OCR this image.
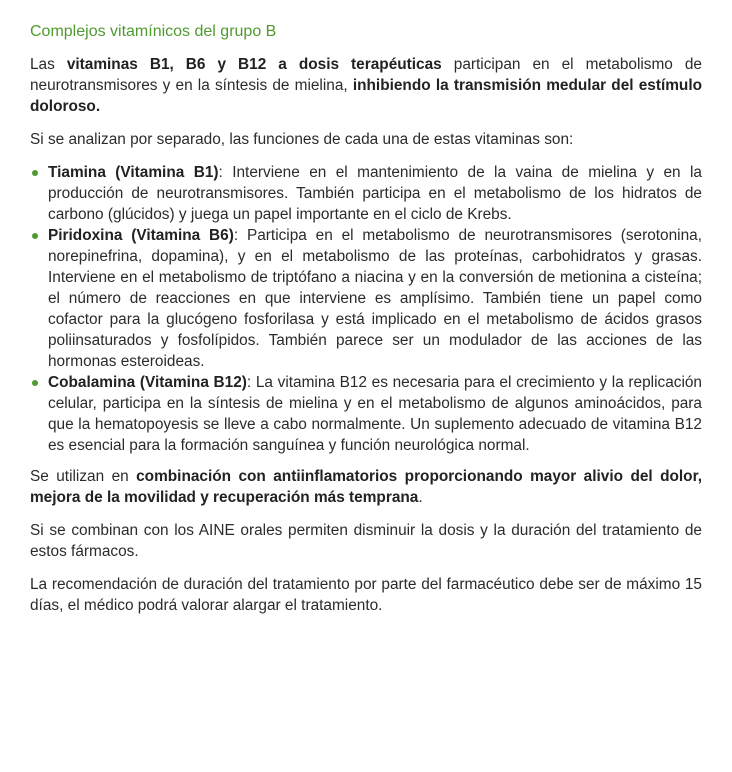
Complejos vitamínicos del grupo B

Las vitaminas B1, B6 y B12 a dosis terapéuticas participan en el metabolismo de neurotransmisores y en la síntesis de mielina, inhibiendo la transmisión medular del estímulo doloroso.

Si se analizan por separado, las funciones de cada una de estas vitaminas son:

Tiamina (Vitamina B1): Interviene en el mantenimiento de la vaina de mielina y en la producción de neurotransmisores. También participa en el metabolismo de los hidratos de carbono (glúcidos) y juega un papel importante en el ciclo de Krebs.
Piridoxina (Vitamina B6): Participa en el metabolismo de neurotransmisores (serotonina, norepinefrina, dopamina), y en el metabolismo de las proteínas, carbohidratos y grasas. Interviene en el metabolismo de triptófano a niacina y en la conversión de metionina a cisteína; el número de reacciones en que interviene es amplísimo. También tiene un papel como cofactor para la glucógeno fosforilasa y está implicado en el metabolismo de ácidos grasos poliinsaturados y fosfolípidos. También parece ser un modulador de las acciones de las hormonas esteroideas.
Cobalamina (Vitamina B12): La vitamina B12 es necesaria para el crecimiento y la replicación celular, participa en la síntesis de mielina y en el metabolismo de algunos aminoácidos, para que la hematopoyesis se lleve a cabo normalmente. Un suplemento adecuado de vitamina B12 es esencial para la formación sanguínea y función neurológica normal.

Se utilizan en combinación con antiinflamatorios proporcionando mayor alivio del dolor, mejora de la movilidad y recuperación más temprana.

Si se combinan con los AINE orales permiten disminuir la dosis y la duración del tratamiento de estos fármacos.

La recomendación de duración del tratamiento por parte del farmacéutico debe ser de máximo 15 días, el médico podrá valorar alargar el tratamiento.
